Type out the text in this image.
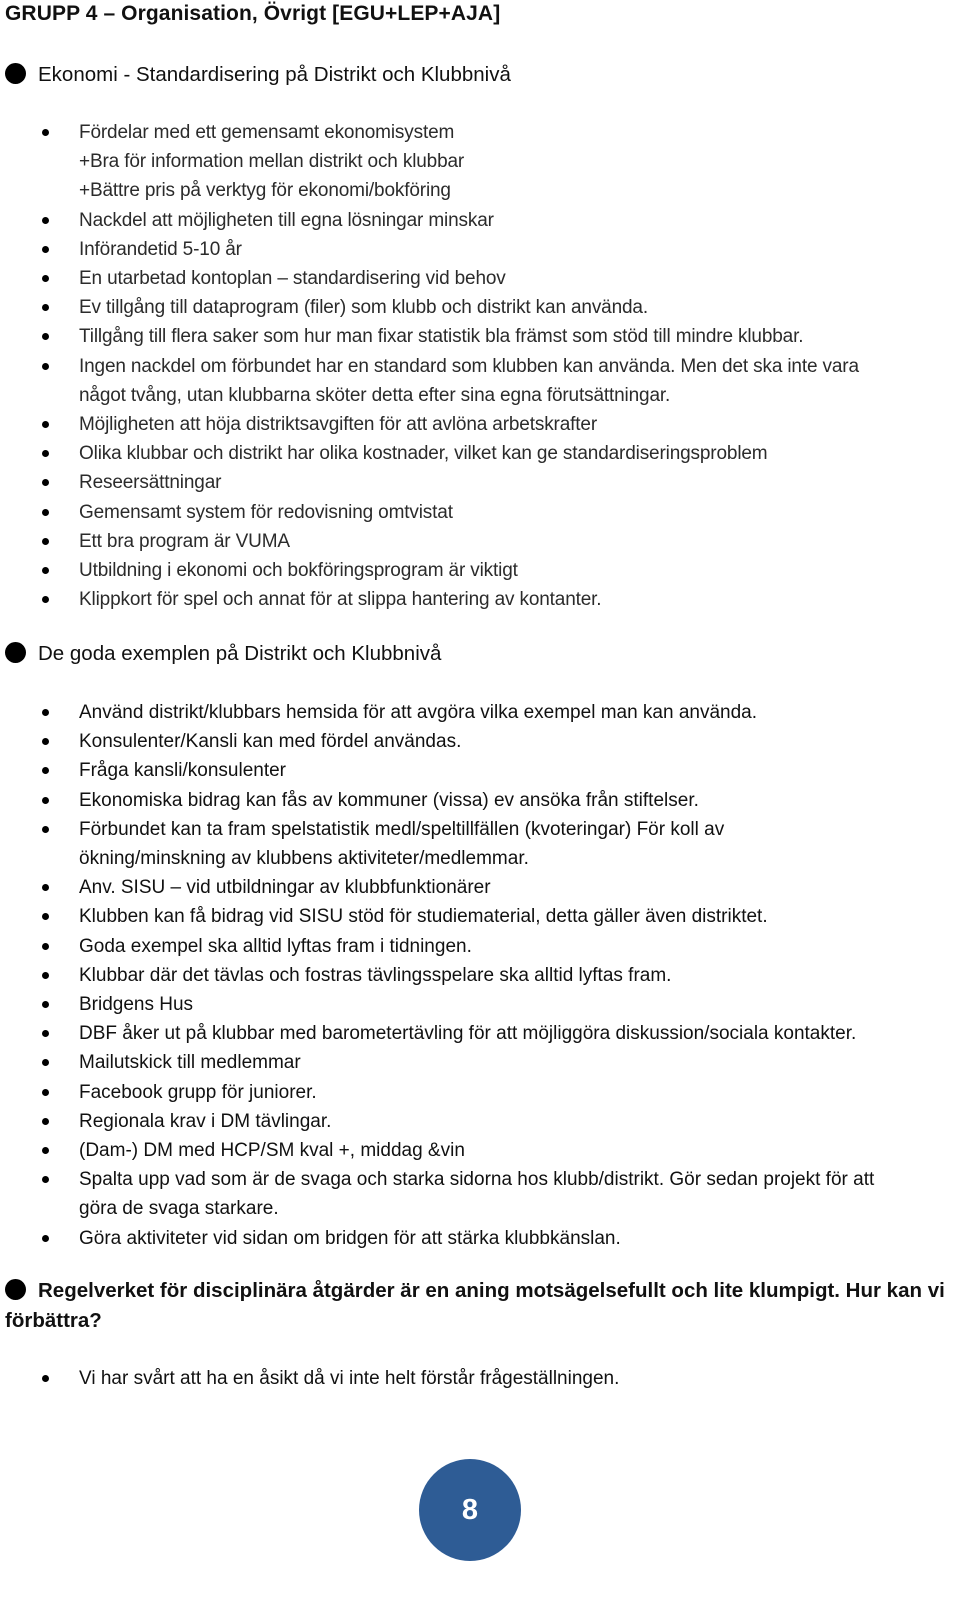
GRUPP 4 – Organisation, Övrigt [EGU+LEP+AJA]
Ekonomi - Standardisering på Distrikt och Klubbnivå
Fördelar med ett gemensamt ekonomisystem
+Bra för information mellan distrikt och klubbar
+Bättre pris på verktyg för ekonomi/bokföring
Nackdel att möjligheten till egna lösningar minskar
Införandetid 5-10 år
En utarbetad kontoplan – standardisering vid behov
Ev tillgång till dataprogram (filer) som klubb och distrikt kan använda.
Tillgång till flera saker som hur man fixar statistik bla främst som stöd till mindre klubbar.
Ingen nackdel om förbundet har en standard som klubben kan använda. Men det ska inte vara
något tvång, utan klubbarna sköter detta efter sina egna förutsättningar.
Möjligheten att höja distriktsavgiften för att avlöna arbetskrafter
Olika klubbar och distrikt har olika kostnader, vilket kan ge standardiseringsproblem
Reseersättningar
Gemensamt system för redovisning omtvistat
Ett bra program är VUMA
Utbildning i ekonomi och bokföringsprogram är viktigt
Klippkort för spel och annat för at slippa hantering av kontanter.
De goda exemplen på Distrikt och Klubbnivå
Använd distrikt/klubbars hemsida för att avgöra vilka exempel man kan använda.
Konsulenter/Kansli kan med fördel användas.
Fråga kansli/konsulenter
Ekonomiska bidrag kan fås av kommuner (vissa) ev ansöka från stiftelser.
Förbundet kan ta fram spelstatistik medl/speltillfällen (kvoteringar) För koll av
ökning/minskning av klubbens aktiviteter/medlemmar.
Anv. SISU – vid utbildningar av klubbfunktionärer
Klubben kan få bidrag vid SISU stöd för studiematerial, detta gäller även distriktet.
Goda exempel ska alltid lyftas fram i tidningen.
Klubbar där det tävlas och fostras tävlingsspelare ska alltid lyftas fram.
Bridgens Hus
DBF åker ut på klubbar med barometertävling för att möjliggöra diskussion/sociala kontakter.
Mailutskick till medlemmar
Facebook grupp för juniorer.
Regionala krav i DM tävlingar.
(Dam-) DM med HCP/SM kval +, middag &vin
Spalta upp vad som är de svaga och starka sidorna hos klubb/distrikt. Gör sedan projekt för att
göra de svaga starkare.
Göra aktiviteter vid sidan om bridgen för att stärka klubbkänslan.
Regelverket för disciplinära åtgärder är en aning motsägelsefullt och lite klumpigt. Hur kan vi
förbättra?
Vi har svårt att ha en åsikt då vi inte helt förstår frågeställningen.
8
